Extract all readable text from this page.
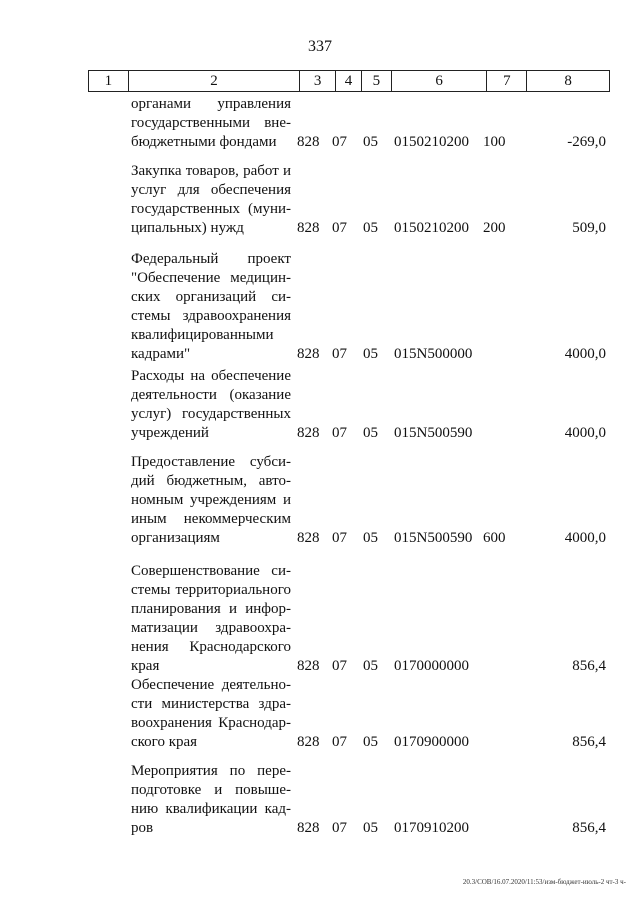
337
1	2	3	4	5	6	7	8
органами управления
государственными вне-
бюджетными фондами	828 07 05 0150210200 100	-269,0
Закупка товаров, работ и
услуг для обеспечения
государственных (муни-
ципальных) нужд	828 07 05 0150210200 200	509,0
Федеральный проект
"Обеспечение медицин-
ских организаций си-
стемы здравоохранения
квалифицированными
кадрами"	828 07 05 015N500000	4000,0
Расходы на обеспечение
деятельности (оказание
услуг) государственных
учреждений	828 07 05 015N500590	4000,0
Предоставление субси-
дий бюджетным, авто-
номным учреждениям и
иным некоммерческим
организациям	828 07 05 015N500590 600	4000,0
Совершенствование си-
стемы территориального
планирования и инфор-
матизации здравоохра-
нения Краснодарского
края	828 07 05 0170000000	856,4
Обеспечение деятельно-
сти министерства здра-
воохранения Краснодар-
ского края	828 07 05 0170900000	856,4
Мероприятия по пере-
подготовке и повыше-
нию квалификации кад-
ров	828 07 05 0170910200	856,4
20.3/СОВ/16.07.2020/11:53/изм-бюджет-июль-2 чт-3 ч-
